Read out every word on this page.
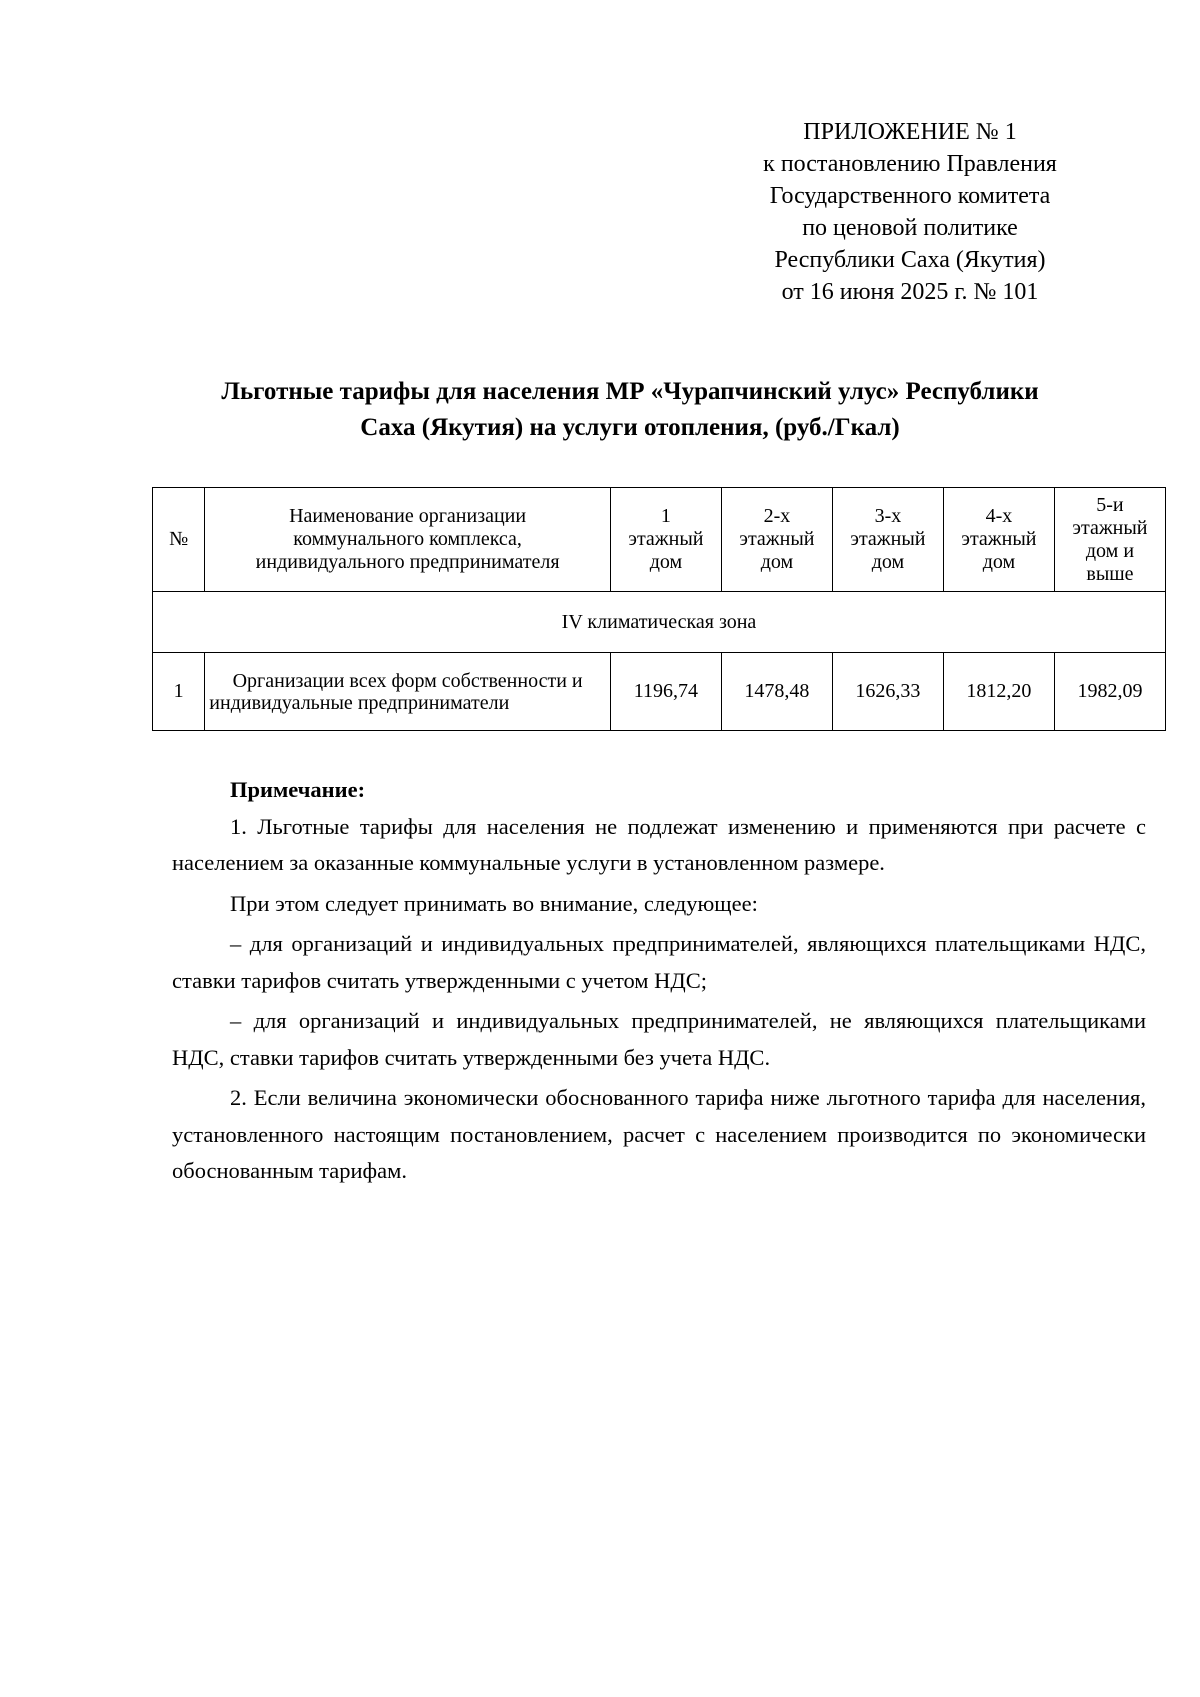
ПРИЛОЖЕНИЕ № 1
к постановлению Правления
Государственного комитета
по ценовой политике
Республики Саха (Якутия)
от 16 июня 2025 г. № 101
Льготные тарифы для населения МР «Чурапчинский улус» Республики
Саха (Якутия) на услуги отопления, (руб./Гкал)
№	Наименование организации
коммунального комплекса,
индивидуального предпринимателя	1
этажный
дом	2-х
этажный
дом	3-х
этажный
дом	4-х
этажный
дом	5-и
этажный
дом и
выше
IV климатическая зона						
1	Организации всех форм собственности и индивидуальные предприниматели	1196,74	1478,48	1626,33	1812,20	1982,09

Примечание:

1. Льготные тарифы для населения не подлежат изменению и применяются при расчете с населением за оказанные коммунальные услуги в установленном размере.

При этом следует принимать во внимание, следующее:

– для организаций и индивидуальных предпринимателей, являющихся плательщиками НДС, ставки тарифов считать утвержденными с учетом НДС;

– для организаций и индивидуальных предпринимателей, не являющихся плательщиками НДС, ставки тарифов считать утвержденными без учета НДС.

2. Если величина экономически обоснованного тарифа ниже льготного тарифа для населения, установленного настоящим постановлением, расчет с населением производится по экономически обоснованным тарифам.
